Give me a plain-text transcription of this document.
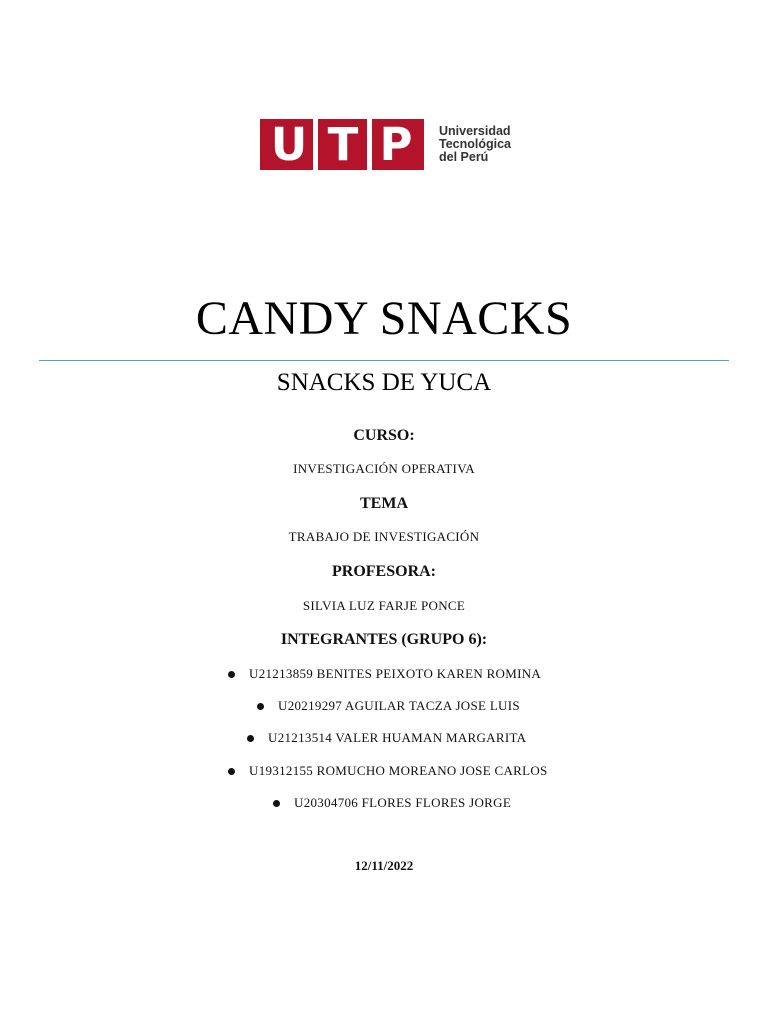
U T P	Universidad
Tecnológica
del Perú
CANDY SNACKS
SNACKS DE YUCA
CURSO:
INVESTIGACIÓN OPERATIVA
TEMA
TRABAJO DE INVESTIGACIÓN
PROFESORA:
SILVIA LUZ FARJE PONCE
INTEGRANTES (GRUPO 6):
U21213859 BENITES PEIXOTO KAREN ROMINA
U20219297 AGUILAR TACZA JOSE LUIS
U21213514 VALER HUAMAN MARGARITA
U19312155 ROMUCHO MOREANO JOSE CARLOS
U20304706 FLORES FLORES JORGE
12/11/2022
